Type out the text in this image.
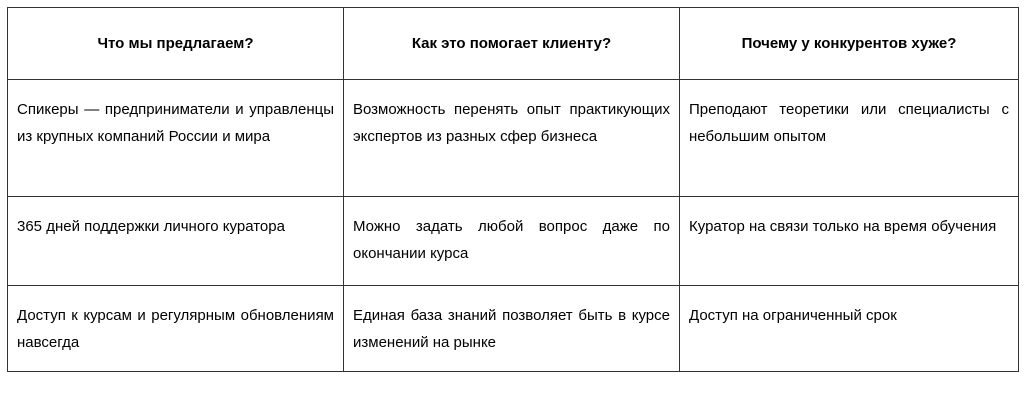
Что мы предлагаем?	Как это помогает клиенту?	Почему у конкурентов хуже?
Спикеры — предприниматели и управленцы из крупных компаний России и мира	Возможность перенять опыт практикующих экспертов из разных сфер бизнеса	Преподают теоретики или специалисты с небольшим опытом
365 дней поддержки личного куратора	Можно задать любой вопрос даже по окончании курса	Куратор на связи только на время обучения
Доступ к курсам и регулярным обновлениям навсегда	Единая база знаний позволяет быть в курсе изменений на рынке	Доступ на ограниченный срок
